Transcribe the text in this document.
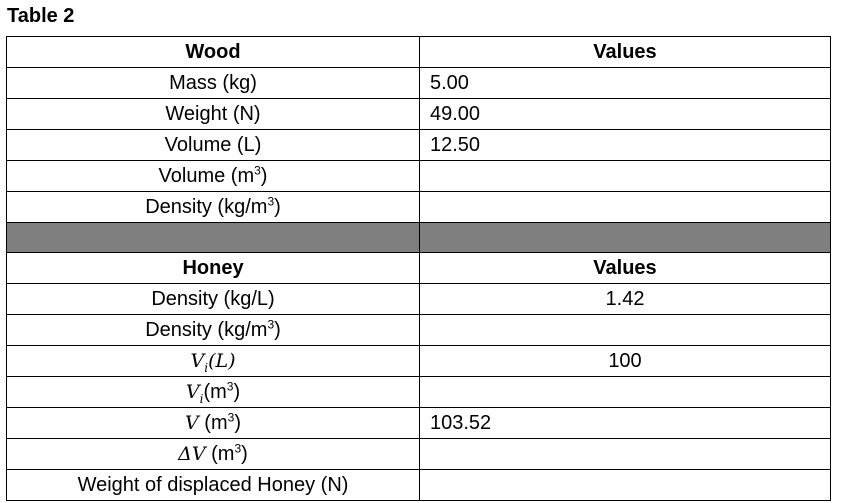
Table 2
Wood	Values
Mass (kg)	5.00
Weight (N)	49.00
Volume (L)	12.50
Volume $(m^3)$	
Density $(kg/m^3)$	

Honey	Values
Density (kg/L)	1.42
Density $(kg/m^3)$	
$V_i(L)$	100
$V_i(m^3)$	
V $(m^3)$	103.52
ΔV $(m^3)$	
Weight of displaced Honey (N)	
